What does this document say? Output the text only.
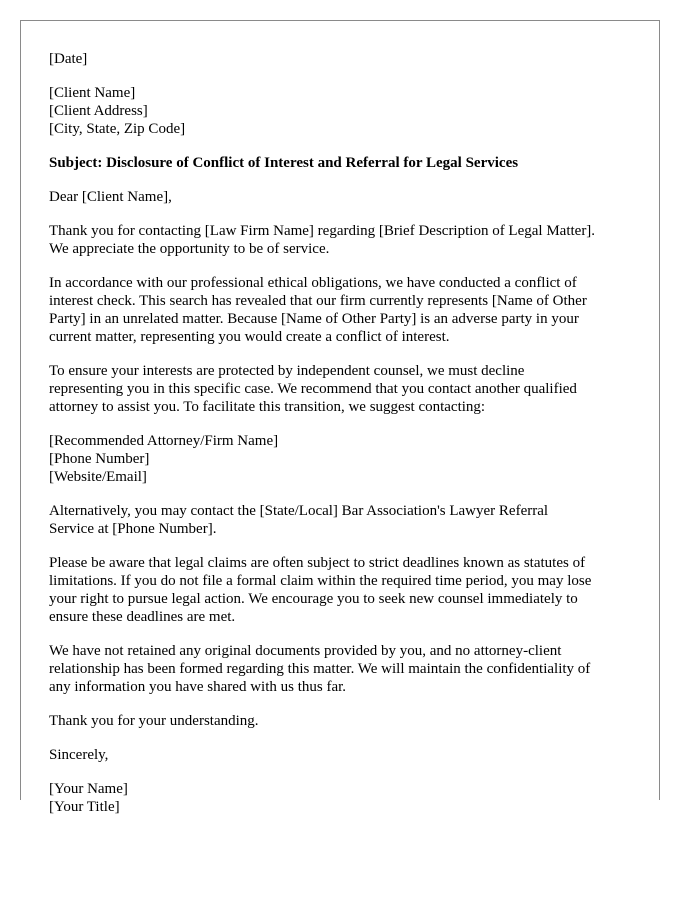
[Date]

[Client Name]
[Client Address]
[City, State, Zip Code]

Subject: Disclosure of Conflict of Interest and Referral for Legal Services

Dear [Client Name],

Thank you for contacting [Law Firm Name] regarding [Brief Description of Legal Matter].
We appreciate the opportunity to be of service.

In accordance with our professional ethical obligations, we have conducted a conflict of
interest check. This search has revealed that our firm currently represents [Name of Other
Party] in an unrelated matter. Because [Name of Other Party] is an adverse party in your
current matter, representing you would create a conflict of interest.

To ensure your interests are protected by independent counsel, we must decline
representing you in this specific case. We recommend that you contact another qualified
attorney to assist you. To facilitate this transition, we suggest contacting:

[Recommended Attorney/Firm Name]
[Phone Number]
[Website/Email]

Alternatively, you may contact the [State/Local] Bar Association's Lawyer Referral
Service at [Phone Number].

Please be aware that legal claims are often subject to strict deadlines known as statutes of
limitations. If you do not file a formal claim within the required time period, you may lose
your right to pursue legal action. We encourage you to seek new counsel immediately to
ensure these deadlines are met.

We have not retained any original documents provided by you, and no attorney-client
relationship has been formed regarding this matter. We will maintain the confidentiality of
any information you have shared with us thus far.

Thank you for your understanding.

Sincerely,

[Your Name]
[Your Title]
